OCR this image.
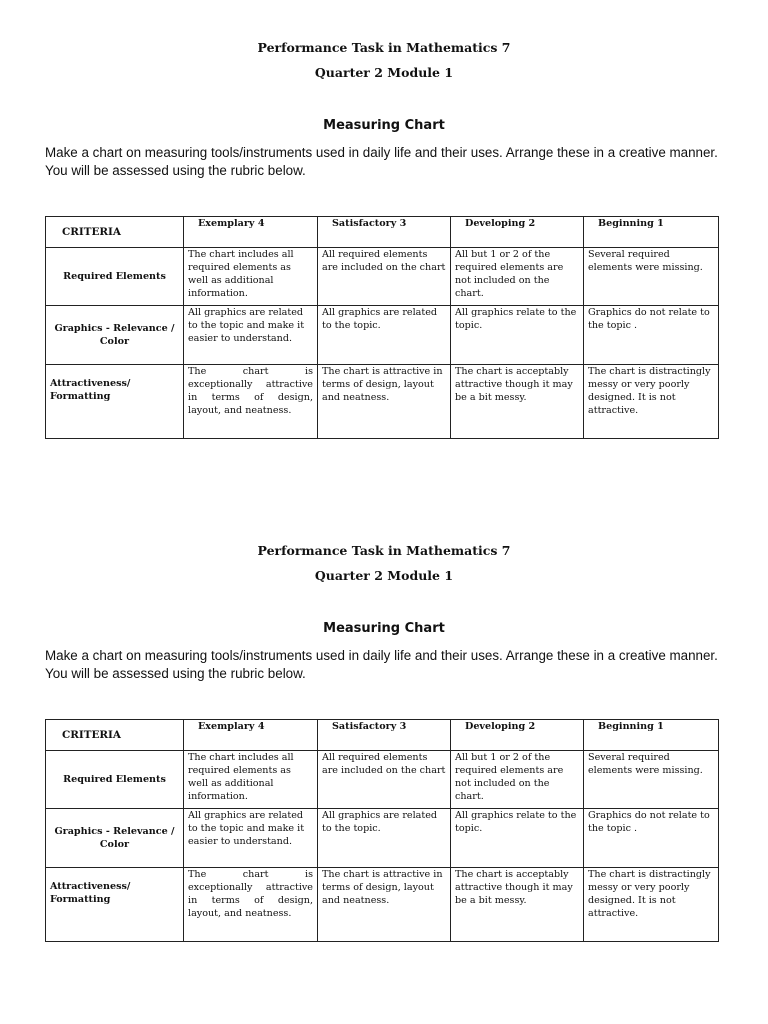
Performance Task in Mathematics 7
Quarter 2 Module 1
Measuring Chart

Make a chart on measuring tools/instruments used in daily life and their uses. Arrange these in a creative manner. You will be assessed using the rubric below.

CRITERIA	Exemplary 4	Satisfactory 3	Developing 2	Beginning 1
Required Elements	The chart includes all required elements as well as additional information.	All required elements are included on the chart	All but 1 or 2 of the required elements are not included on the chart.	Several required elements were missing.
Graphics - Relevance / Color	All graphics are related to the topic and make it easier to understand.	All graphics are related to the topic.	All graphics relate to the topic.	Graphics do not relate to the topic .
Attractiveness/ Formatting	The chart is exceptionally attractive in terms of design, layout, and neatness.	The chart is attractive in terms of design, layout and neatness.	The chart is acceptably attractive though it may be a bit messy.	The chart is distractingly messy or very poorly designed. It is not attractive.
Performance Task in Mathematics 7
Quarter 2 Module 1
Measuring Chart

Make a chart on measuring tools/instruments used in daily life and their uses. Arrange these in a creative manner. You will be assessed using the rubric below.

CRITERIA	Exemplary 4	Satisfactory 3	Developing 2	Beginning 1
Required Elements	The chart includes all required elements as well as additional information.	All required elements are included on the chart	All but 1 or 2 of the required elements are not included on the chart.	Several required elements were missing.
Graphics - Relevance / Color	All graphics are related to the topic and make it easier to understand.	All graphics are related to the topic.	All graphics relate to the topic.	Graphics do not relate to the topic .
Attractiveness/ Formatting	The chart is exceptionally attractive in terms of design, layout, and neatness.	The chart is attractive in terms of design, layout and neatness.	The chart is acceptably attractive though it may be a bit messy.	The chart is distractingly messy or very poorly designed. It is not attractive.
